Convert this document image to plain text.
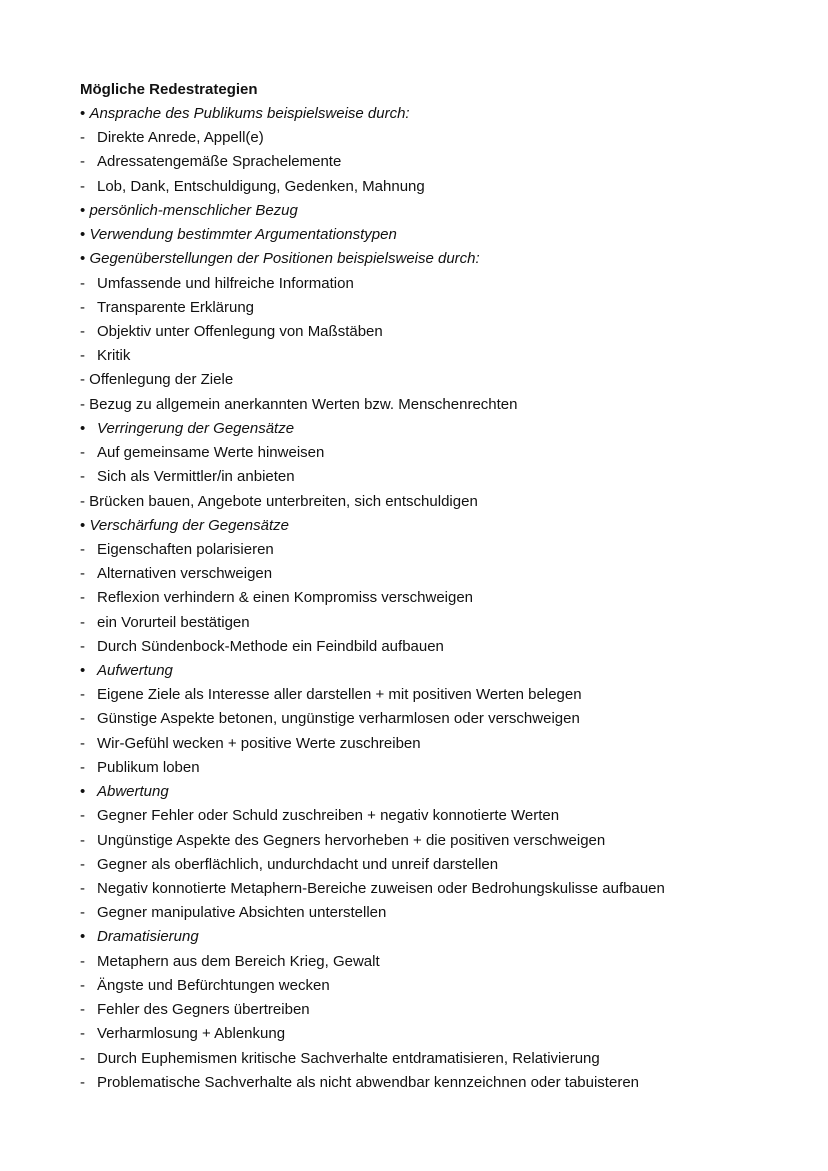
Mögliche Redestrategien
• Ansprache des Publikums beispielsweise durch:
- Direkte Anrede, Appell(e)
- Adressatengemäße Sprachelemente
- Lob, Dank, Entschuldigung, Gedenken, Mahnung
• persönlich-menschlicher Bezug
• Verwendung bestimmter Argumentationstypen
• Gegenüberstellungen der Positionen beispielsweise durch:
- Umfassende und hilfreiche Information
- Transparente Erklärung
- Objektiv unter Offenlegung von Maßstäben
- Kritik
- Offenlegung der Ziele
- Bezug zu allgemein anerkannten Werten bzw. Menschenrechten
• Verringerung der Gegensätze
- Auf gemeinsame Werte hinweisen
- Sich als Vermittler/in anbieten
- Brücken bauen, Angebote unterbreiten, sich entschuldigen
• Verschärfung der Gegensätze
- Eigenschaften polarisieren
- Alternativen verschweigen
- Reflexion verhindern & einen Kompromiss verschweigen
- ein Vorurteil bestätigen
- Durch Sündenbock-Methode ein Feindbild aufbauen
• Aufwertung
- Eigene Ziele als Interesse aller darstellen + mit positiven Werten belegen
- Günstige Aspekte betonen, ungünstige verharmlosen oder verschweigen
- Wir-Gefühl wecken + positive Werte zuschreiben
- Publikum loben
• Abwertung
- Gegner Fehler oder Schuld zuschreiben + negativ konnotierte Werten
- Ungünstige Aspekte des Gegners hervorheben + die positiven verschweigen
- Gegner als oberflächlich, undurchdacht und unreif darstellen
- Negativ konnotierte Metaphern-Bereiche zuweisen oder Bedrohungskulisse aufbauen
- Gegner manipulative Absichten unterstellen
• Dramatisierung
- Metaphern aus dem Bereich Krieg, Gewalt
- Ängste und Befürchtungen wecken
- Fehler des Gegners übertreiben
- Verharmlosung + Ablenkung
- Durch Euphemismen kritische Sachverhalte entdramatisieren, Relativierung
- Problematische Sachverhalte als nicht abwendbar kennzeichnen oder tabuisteren
